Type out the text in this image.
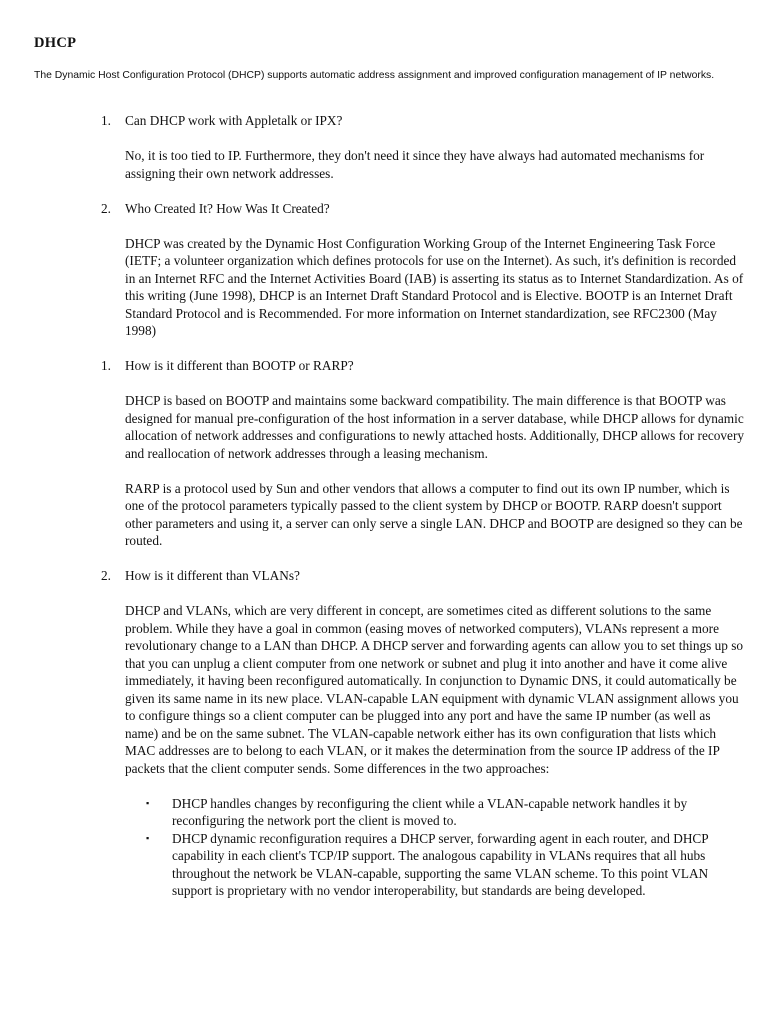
DHCP

The Dynamic Host Configuration Protocol (DHCP) supports automatic address assignment and improved configuration management of IP networks.

1. Can DHCP work with Appletalk or IPX?

No, it is too tied to IP. Furthermore, they don't need it since they have always had automated mechanisms for assigning their own network addresses.

2. Who Created It? How Was It Created?

DHCP was created by the Dynamic Host Configuration Working Group of the Internet Engineering Task Force (IETF; a volunteer organization which defines protocols for use on the Internet). As such, it's definition is recorded in an Internet RFC and the Internet Activities Board (IAB) is asserting its status as to Internet Standardization. As of this writing (June 1998), DHCP is an Internet Draft Standard Protocol and is Elective. BOOTP is an Internet Draft Standard Protocol and is Recommended. For more information on Internet standardization, see RFC2300 (May 1998)

1. How is it different than BOOTP or RARP?

DHCP is based on BOOTP and maintains some backward compatibility. The main difference is that BOOTP was designed for manual pre-configuration of the host information in a server database, while DHCP allows for dynamic allocation of network addresses and configurations to newly attached hosts. Additionally, DHCP allows for recovery and reallocation of network addresses through a leasing mechanism.

RARP is a protocol used by Sun and other vendors that allows a computer to find out its own IP number, which is one of the protocol parameters typically passed to the client system by DHCP or BOOTP. RARP doesn't support other parameters and using it, a server can only serve a single LAN. DHCP and BOOTP are designed so they can be routed.

2. How is it different than VLANs?

DHCP and VLANs, which are very different in concept, are sometimes cited as different solutions to the same problem. While they have a goal in common (easing moves of networked computers), VLANs represent a more revolutionary change to a LAN than DHCP. A DHCP server and forwarding agents can allow you to set things up so that you can unplug a client computer from one network or subnet and plug it into another and have it come alive immediately, it having been reconfigured automatically. In conjunction to Dynamic DNS, it could automatically be given its same name in its new place. VLAN-capable LAN equipment with dynamic VLAN assignment allows you to configure things so a client computer can be plugged into any port and have the same IP number (as well as name) and be on the same subnet. The VLAN-capable network either has its own configuration that lists which MAC addresses are to belong to each VLAN, or it makes the determination from the source IP address of the IP packets that the client computer sends. Some differences in the two approaches:

▪ DHCP handles changes by reconfiguring the client while a VLAN-capable network handles it by reconfiguring the network port the client is moved to.
▪ DHCP dynamic reconfiguration requires a DHCP server, forwarding agent in each router, and DHCP capability in each client's TCP/IP support. The analogous capability in VLANs requires that all hubs throughout the network be VLAN-capable, supporting the same VLAN scheme. To this point VLAN support is proprietary with no vendor interoperability, but standards are being developed.
